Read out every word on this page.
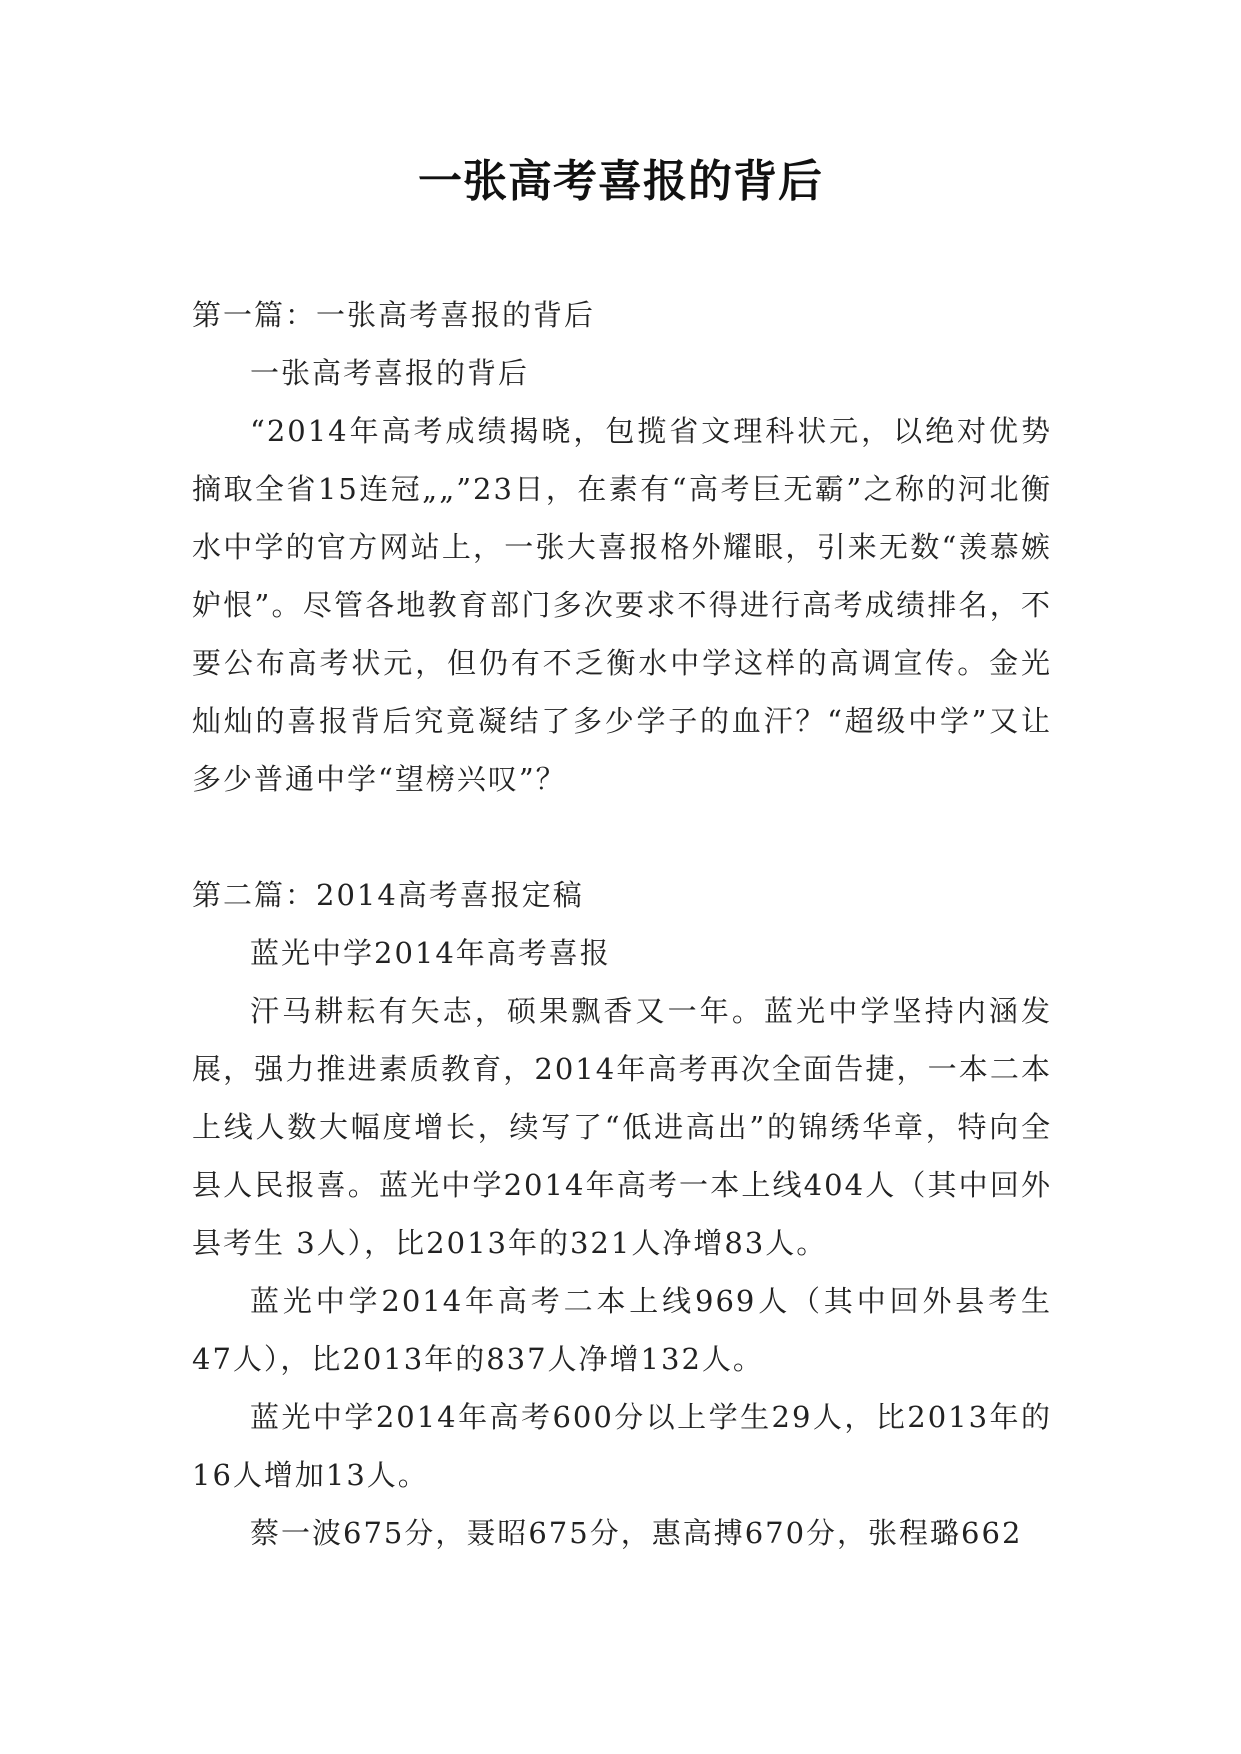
一张高考喜报的背后

第一篇：一张高考喜报的背后

一张高考喜报的背后

“2014年高考成绩揭晓，包揽省文理科状元，以绝对优势摘取全省15连冠„„”23日，在素有“高考巨无霸”之称的河北衡水中学的官方网站上，一张大喜报格外耀眼，引来无数“羡慕嫉妒恨”。尽管各地教育部门多次要求不得进行高考成绩排名，不要公布高考状元，但仍有不乏衡水中学这样的高调宣传。金光灿灿的喜报背后究竟凝结了多少学子的血汗？“超级中学”又让多少普通中学“望榜兴叹”？

第二篇：2014高考喜报定稿

蓝光中学2014年高考喜报

汗马耕耘有矢志，硕果飘香又一年。蓝光中学坚持内涵发展，强力推进素质教育，2014年高考再次全面告捷，一本二本上线人数大幅度增长，续写了“低进高出”的锦绣华章，特向全县人民报喜。蓝光中学2014年高考一本上线404人（其中回外县考生 3人），比2013年的321人净增83人。

蓝光中学2014年高考二本上线969人（其中回外县考生47人），比2013年的837人净增132人。

蓝光中学2014年高考600分以上学生29人，比2013年的16人增加13人。

蔡一波675分，聂昭675分，惠高搏670分，张程璐662
